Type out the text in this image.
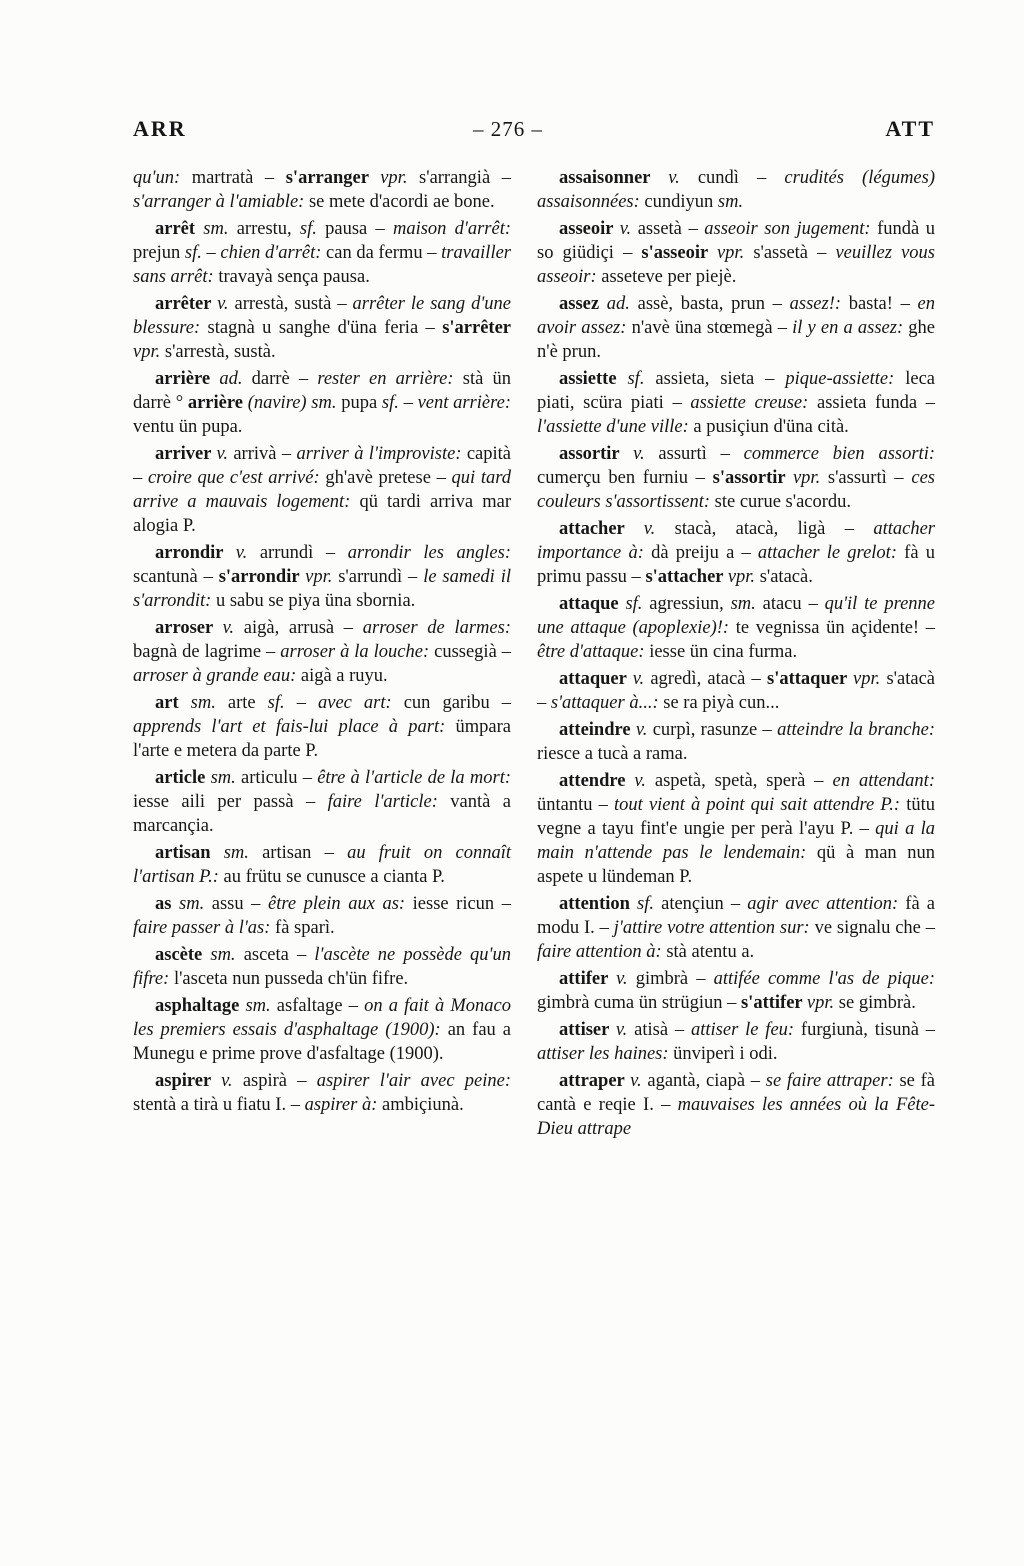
ARR	– 276 –	ATT

qu'un: martratà – s'arranger vpr. s'arrangià – s'arranger à l'amiable: se mete d'acordi ae bone.

arrêt sm. arrestu, sf. pausa – maison d'arrêt: prejun sf. – chien d'arrêt: can da fermu – travailler sans arrêt: travayà sença pausa.

arrêter v. arrestà, sustà – arrêter le sang d'une blessure: stagnà u sanghe d'üna feria – s'arrêter vpr. s'arrestà, sustà.

arrière ad. darrè – rester en arrière: stà ün darrè ° arrière (navire) sm. pupa sf. – vent arrière: ventu ün pupa.

arriver v. arrivà – arriver à l'improviste: capità – croire que c'est arrivé: gh'avè pretese – qui tard arrive a mauvais logement: qü tardi arriva mar alogia P.

arrondir v. arrundì – arrondir les angles: scantunà – s'arrondir vpr. s'arrundì – le samedi il s'arrondit: u sabu se piya üna sbornia.

arroser v. aigà, arrusà – arroser de larmes: bagnà de lagrime – arroser à la louche: cussegià – arroser à grande eau: aigà a ruyu.

art sm. arte sf. – avec art: cun garibu – apprends l'art et fais-lui place à part: ümpara l'arte e metera da parte P.

article sm. articulu – être à l'article de la mort: iesse aili per passà – faire l'article: vantà a marcançia.

artisan sm. artisan – au fruit on connaît l'artisan P.: au frütu se cunusce a cianta P.

as sm. assu – être plein aux as: iesse ricun – faire passer à l'as: fà sparì.

ascète sm. asceta – l'ascète ne possède qu'un fifre: l'asceta nun pusseda ch'ün fifre.

asphaltage sm. asfaltage – on a fait à Monaco les premiers essais d'asphaltage (1900): an fau a Munegu e prime prove d'asfaltage (1900).

aspirer v. aspirà – aspirer l'air avec peine: stentà a tirà u fiatu I. – aspirer à: ambiçiunà.

assaisonner v. cundì – crudités (légumes) assaisonnées: cundiyun sm.

asseoir v. assetà – asseoir son jugement: fundà u so giüdiçi – s'asseoir vpr. s'assetà – veuillez vous asseoir: asseteve per piejè.

assez ad. assè, basta, prun – assez!: basta! – en avoir assez: n'avè üna stœmegà – il y en a assez: ghe n'è prun.

assiette sf. assieta, sieta – pique-assiette: leca piati, scüra piati – assiette creuse: assieta funda – l'assiette d'une ville: a pusiçiun d'üna cità.

assortir v. assurtì – commerce bien assorti: cumerçu ben furniu – s'assortir vpr. s'assurtì – ces couleurs s'assortissent: ste curue s'acordu.

attacher v. stacà, atacà, ligà – attacher importance à: dà preiju a – attacher le grelot: fà u primu passu – s'attacher vpr. s'atacà.

attaque sf. agressiun, sm. atacu – qu'il te prenne une attaque (apoplexie)!: te vegnissa ün açidente! – être d'attaque: iesse ün cina furma.

attaquer v. agredì, atacà – s'attaquer vpr. s'atacà – s'attaquer à...: se ra piyà cun...

atteindre v. curpì, rasunze – atteindre la branche: riesce a tucà a rama.

attendre v. aspetà, spetà, sperà – en attendant: üntantu – tout vient à point qui sait attendre P.: tütu vegne a tayu fint'e ungie per perà l'ayu P. – qui a la main n'attende pas le lendemain: qü à man nun aspete u lündeman P.

attention sf. atençiun – agir avec attention: fà a modu I. – j'attire votre attention sur: ve signalu che – faire attention à: stà atentu a.

attifer v. gimbrà – attifée comme l'as de pique: gimbrà cuma ün strügiun – s'attifer vpr. se gimbrà.

attiser v. atisà – attiser le feu: furgiunà, tisunà – attiser les haines: ünviperì i odi.

attraper v. agantà, ciapà – se faire attraper: se fà cantà e reqie I. – mauvaises les années où la Fête-Dieu attrape
